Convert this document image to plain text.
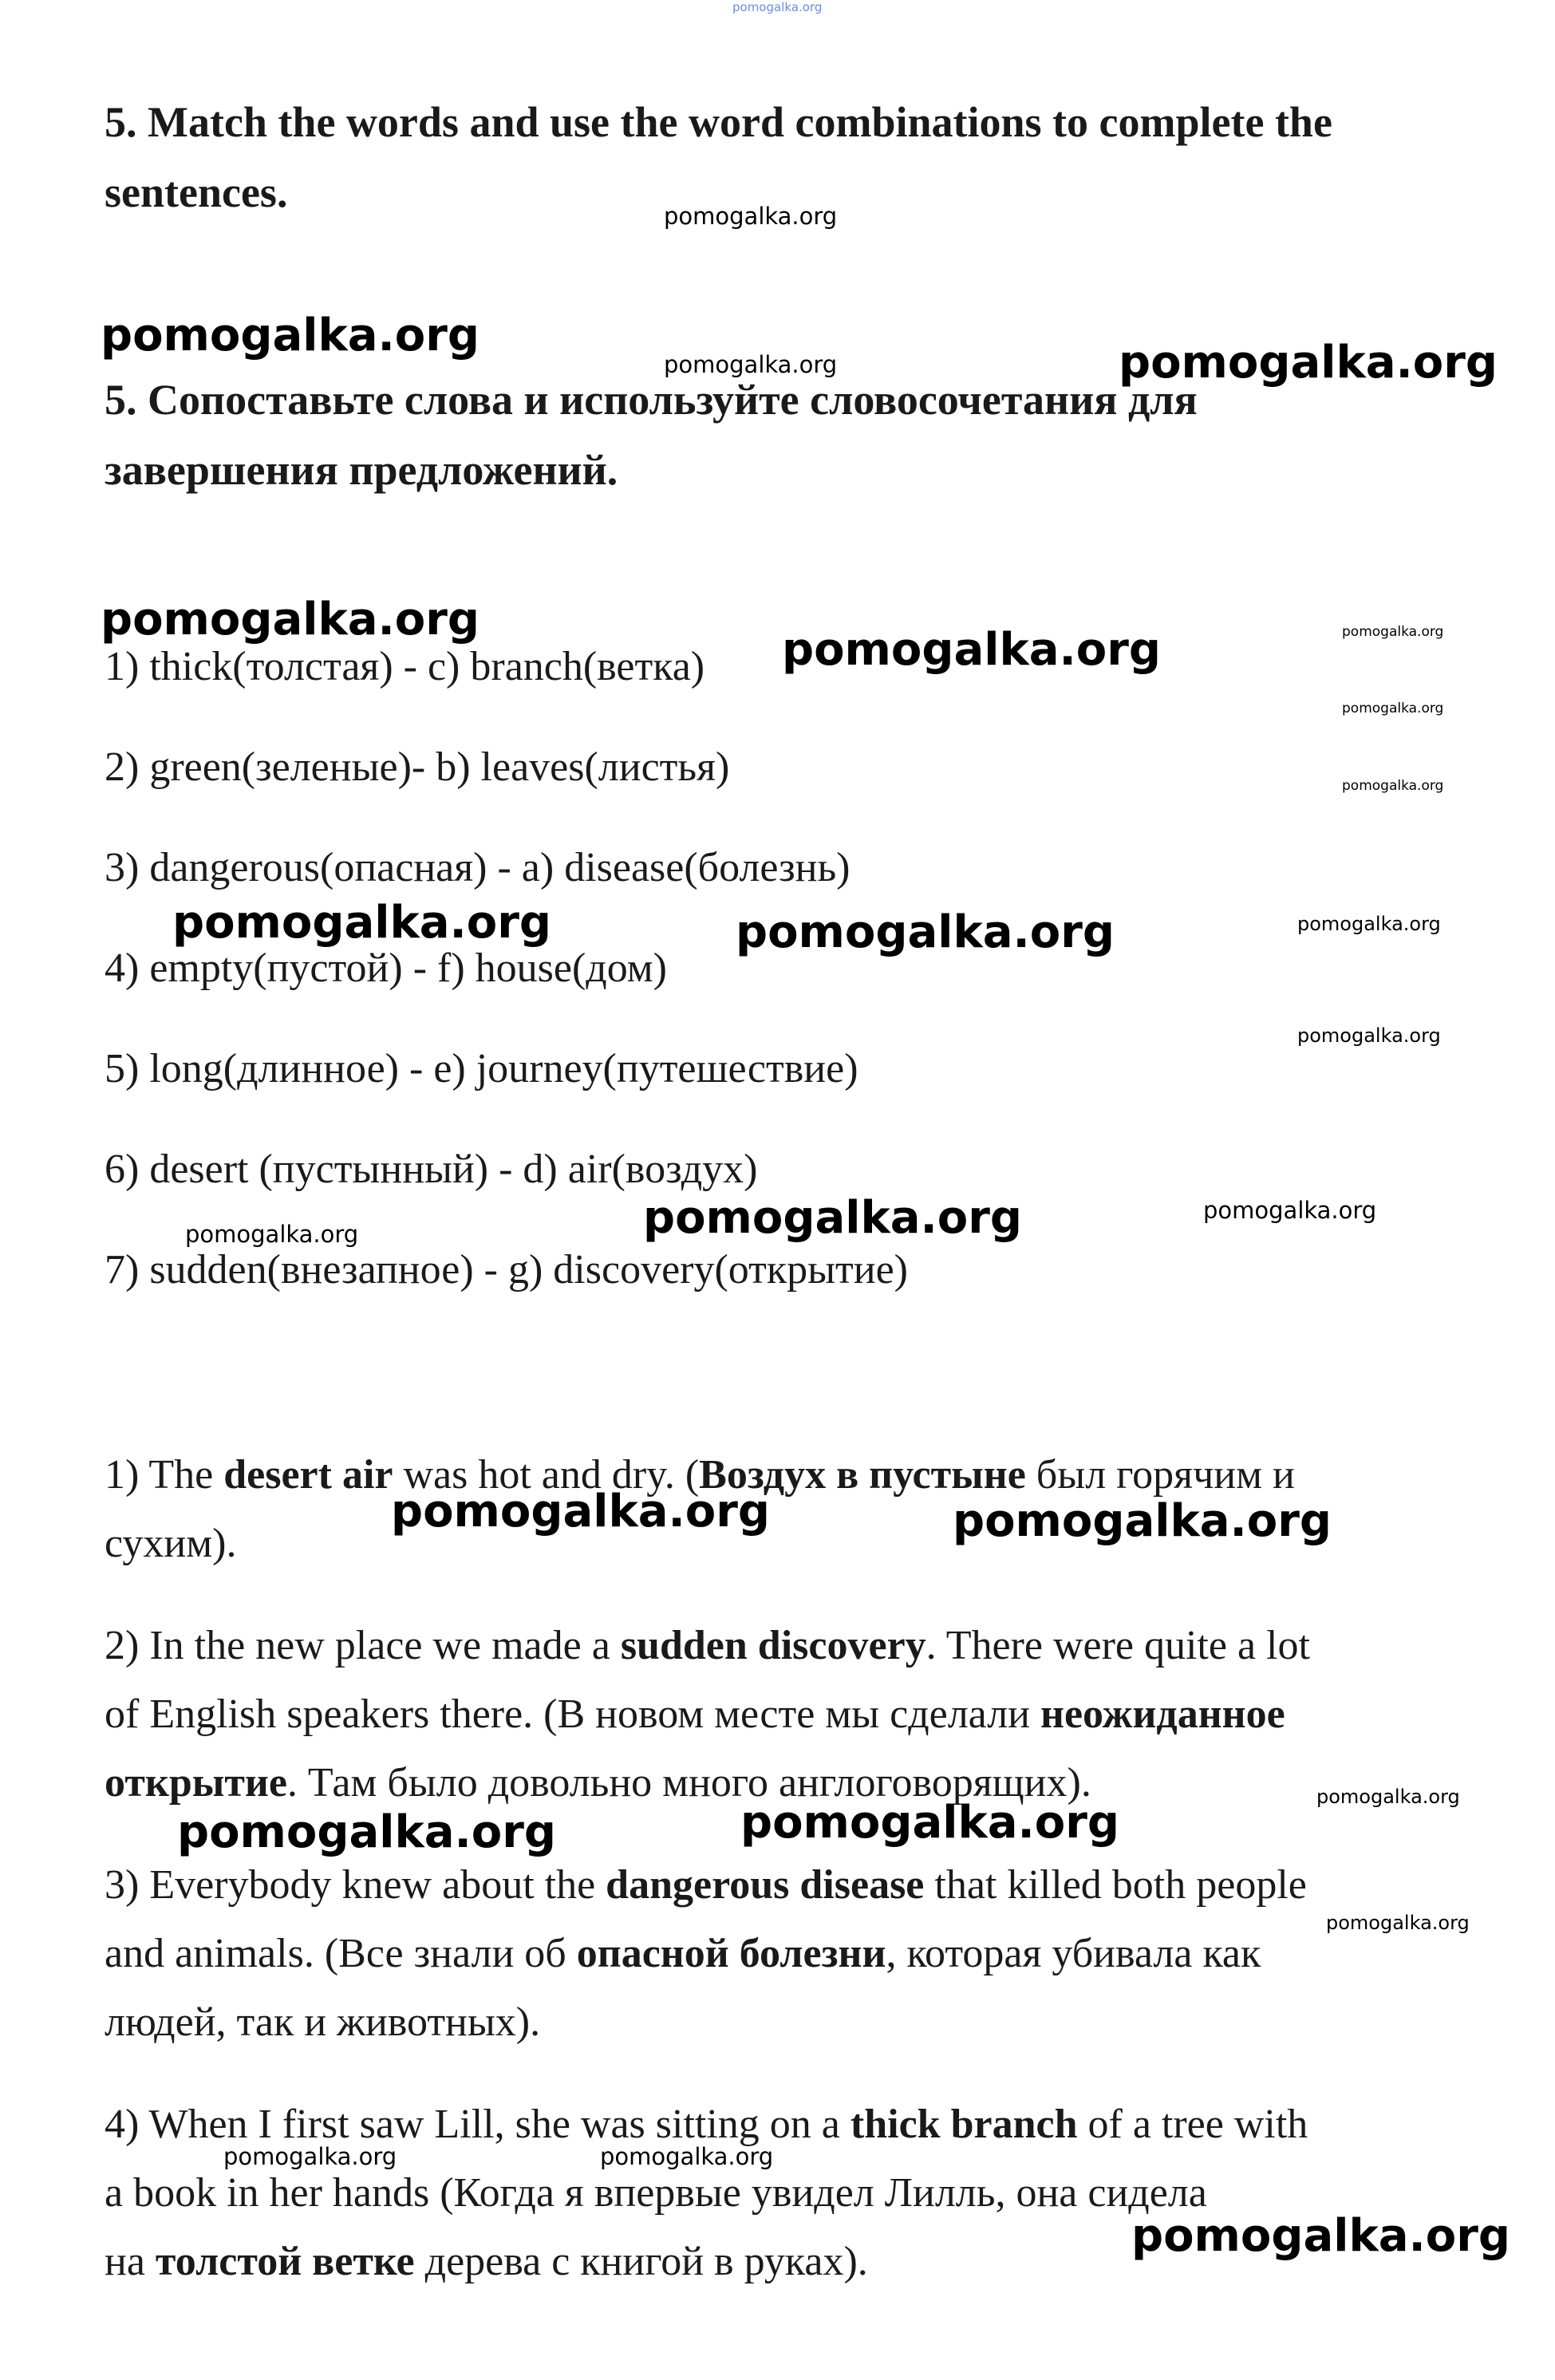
pomogalka.org
5. Match the words and use the word combinations to complete the
sentences.
5. Сопоставьте слова и используйте словосочетания для
завершения предложений.
1) thick(толстая) - c) branch(ветка)
2) green(зеленые)- b) leaves(листья)
3) dangerous(опасная) - a) disease(болезнь)
4) empty(пустой) - f) house(дом)
5) long(длинное) - e) journey(путешествие)
6) desert (пустынный) - d) air(воздух)
7) sudden(внезапное) - g) discovery(открытие)

1) The desert air was hot and dry. (Воздух в пустыне был горячим и

сухим).

2) In the new place we made a sudden discovery. There were quite a lot

of English speakers there. (В новом месте мы сделали неожиданное

открытие. Там было довольно много англоговорящих).

3) Everybody knew about the dangerous disease that killed both people

and animals. (Все знали об опасной болезни, которая убивала как

людей, так и животных).

4) When I first saw Lill, she was sitting on a thick branch of a tree with

a book in her hands (Когда я впервые увидел Лилль, она сидела

на толстой ветке дерева с книгой в руках).

pomogalka.org
pomogalka.org
pomogalka.org	pomogalka.org
pomogalka.org
pomogalka.org	pomogalka.org
pomogalka.org
pomogalka.org
pomogalka.org	pomogalka.org	pomogalka.org
pomogalka.org
pomogalka.org	pomogalka.org
pomogalka.org
pomogalka.org	pomogalka.org
pomogalka.org
pomogalka.org
pomogalka.org
pomogalka.org
pomogalka.org	pomogalka.org
pomogalka.org
